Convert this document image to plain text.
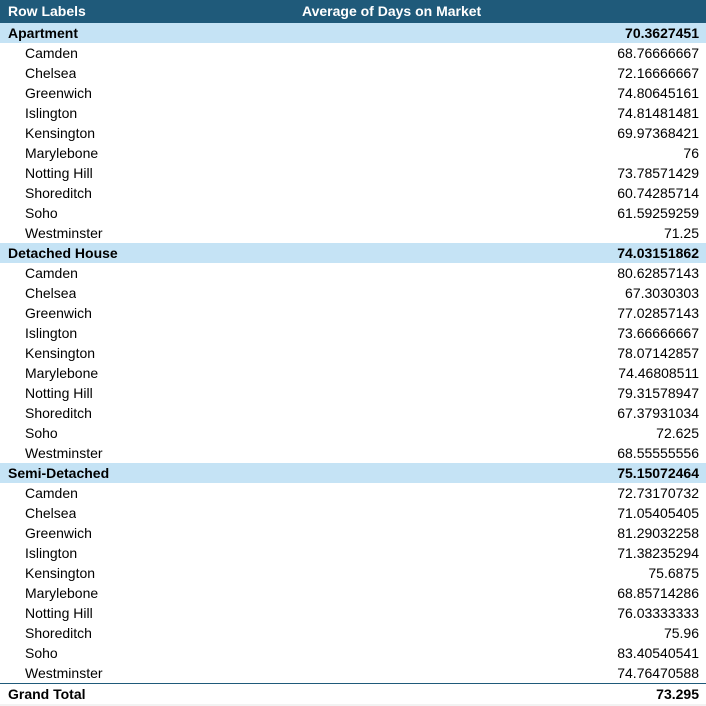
Row Labels	Average of Days on Market
Apartment	70.3627451
Camden	68.76666667
Chelsea	72.16666667
Greenwich	74.80645161
Islington	74.81481481
Kensington	69.97368421
Marylebone	76
Notting Hill	73.78571429
Shoreditch	60.74285714
Soho	61.59259259
Westminster	71.25
Detached House	74.03151862
Camden	80.62857143
Chelsea	67.3030303
Greenwich	77.02857143
Islington	73.66666667
Kensington	78.07142857
Marylebone	74.46808511
Notting Hill	79.31578947
Shoreditch	67.37931034
Soho	72.625
Westminster	68.55555556
Semi-Detached	75.15072464
Camden	72.73170732
Chelsea	71.05405405
Greenwich	81.29032258
Islington	71.38235294
Kensington	75.6875
Marylebone	68.85714286
Notting Hill	76.03333333
Shoreditch	75.96
Soho	83.40540541
Westminster	74.76470588
Grand Total	73.295
